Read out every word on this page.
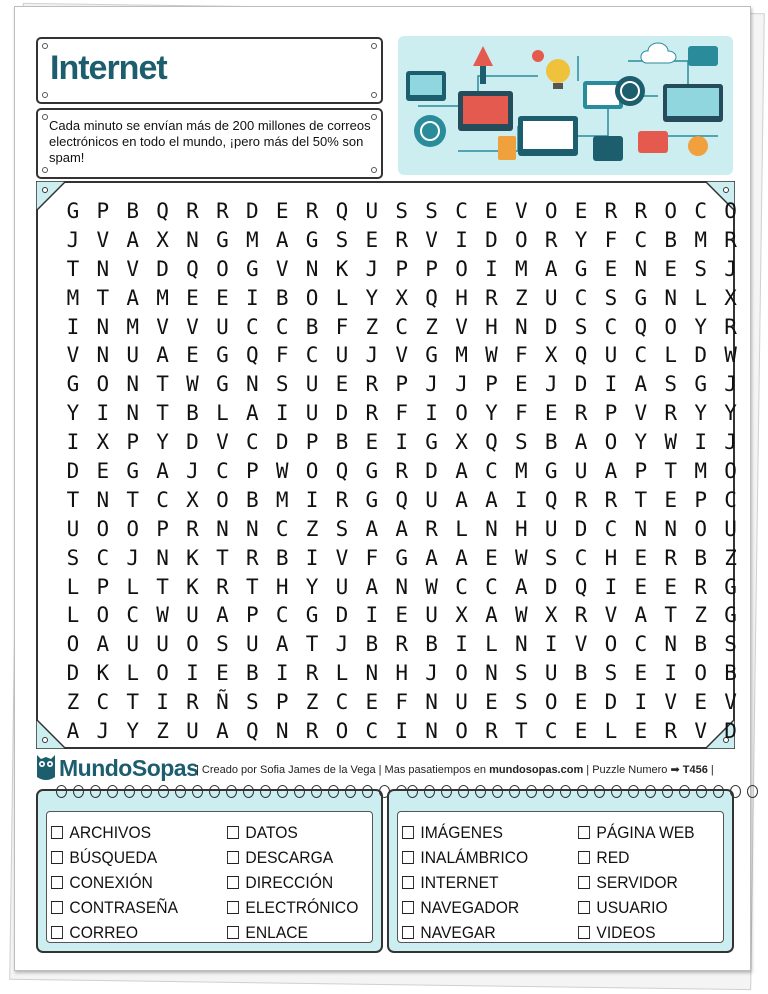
Internet

Cada minuto se envían más de 200 millones de correos electrónicos en todo el mundo, ¡pero más del 50% son spam!

G P B Q R R D E R Q U S S C E V O E R R O C O
J V A X N G M A G S E R V I D O R Y F C B M R
T N V D Q O G V N K J P P O I M A G E N E S J
M T A M E E I B O L Y X Q H R Z U C S G N L X
I N M V V U C C B F Z C Z V H N D S C Q O Y R
V N U A E G Q F C U J V G M W F X Q U C L D W
G O N T W G N S U E R P J J P E J D I A S G J
Y I N T B L A I U D R F I O Y F E R P V R Y Y
I X P Y D V C D P B E I G X Q S B A O Y W I J
D E G A J C P W O Q G R D A C M G U A P T M O
T N T C X O B M I R G Q U A A I Q R R T E P C
U O O P R N N C Z S A A R L N H U D C N N O U
S C J N K T R B I V F G A A E W S C H E R B Z
L P L T K R T H Y U A N W C C A D Q I E E R G
L O C W U A P C G D I E U X A W X R V A T Z G
O A U U O S U A T J B R B I L N I V O C N B S
D K L O I E B I R L N H J O N S U B S E I O B
Z C T I R Ñ S P Z C E F N U E S O E D I V E V
A J Y Z U A Q N R O C I N O R T C E L E R V D
MundoSopas
| Creado por Sofia James de la Vega | Mas pasatiempos en mundosopas.com | Puzzle Numero ➡ T456 |
ARCHIVOS
BÚSQUEDA
CONEXIÓN
CONTRASEÑA
CORREO
DATOS
DESCARGA
DIRECCIÓN
ELECTRÓNICO
ENLACE
IMÁGENES
INALÁMBRICO
INTERNET
NAVEGADOR
NAVEGAR
PÁGINA WEB
RED
SERVIDOR
USUARIO
VIDEOS
